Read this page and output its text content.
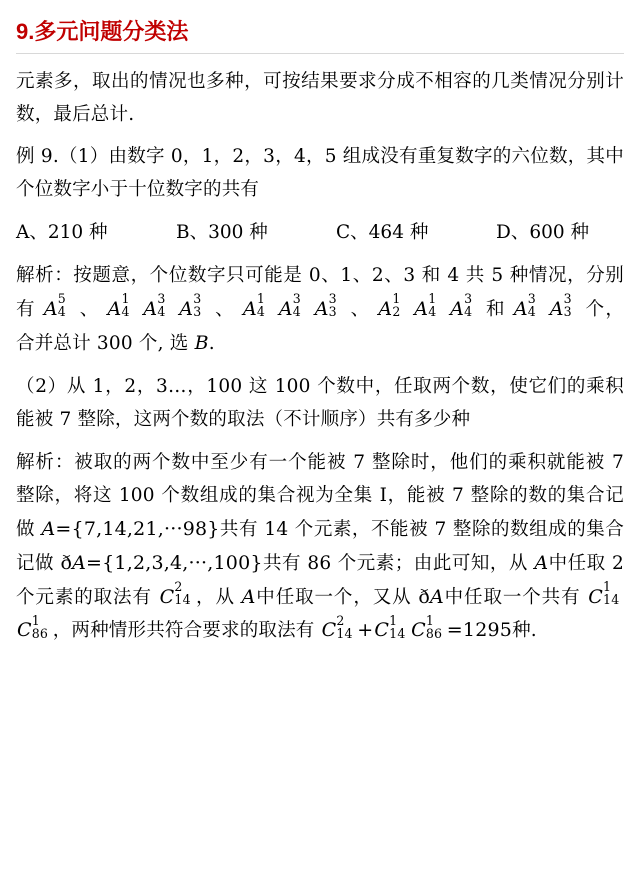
9.多元问题分类法

元素多，取出的情况也多种，可按结果要求分成不相容的几类情况分别计数，最后总计.

例 9.（1）由数字 0，1，2，3，4，5 组成没有重复数字的六位数，其中个位数字小于十位数字的共有

A、210 种	B、300 种	C、464 种	D、600 种

解析：按题意，个位数字只可能是 0、1、2、3 和 4 共 5 种情况，分别有 A 5
4 、 A 1
4 A 3
4 A 3
3 、 A 1
4 A 3
4 A 3
3 、 A 1
2 A 1
4 A 3
4 和 A 3
4 A 3
3 个，合并总计 300 个, 选 B.

（2）从 1，2，3…，100 这 100 个数中，任取两个数，使它们的乘积能被 7 整除，这两个数的取法（不计顺序）共有多少种

解析：被取的两个数中至少有一个能被 7 整除时，他们的乘积就能被 7 整除，将这 100 个数组成的集合视为全集 I，能被 7 整除的数的集合记做 A={7,14,21,···98}共有 14 个元素，不能被 7 整除的数组成的集合记做 ðA={1,2,3,4,···,100}共有 86 个元素；由此可知，从 A中任取 2 个元素的取法有 C 2
14 ，从 A中任取一个，又从 ðA中任取一个共有 C 1
14
C 1
86 ，两种情形共符合要求的取法有 C 2
14 +C 1
14 C 1
86 =1295种.
